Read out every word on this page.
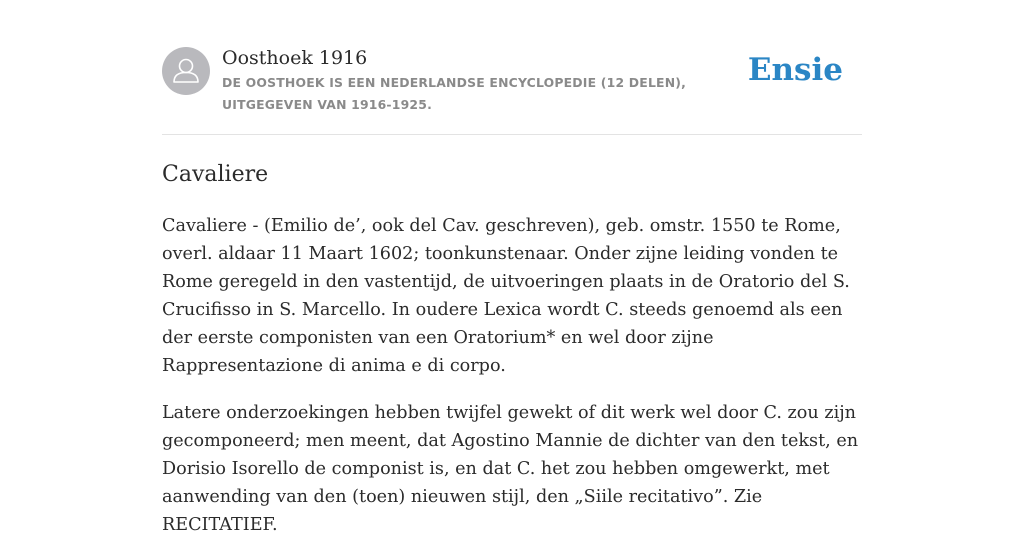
Oosthoek 1916
DE OOSTHOEK IS EEN NEDERLANDSE ENCYCLOPEDIE (12 DELEN), UITGEGEVEN VAN 1916-1925.
Ensie
Cavaliere

Cavaliere - (Emilio de’, ook del Cav. geschreven), geb. omstr. 1550 te Rome, overl. aldaar 11 Maart 1602; toonkunstenaar. Onder zijne leiding vonden te Rome geregeld in den vastentijd, de uitvoeringen plaats in de Oratorio del S. Crucifisso in S. Marcello. In oudere Lexica wordt C. steeds genoemd als een der eerste componisten van een Oratorium* en wel door zijne Rappresentazione di anima e di corpo.

Latere onderzoekingen hebben twijfel gewekt of dit werk wel door C. zou zijn gecomponeerd; men meent, dat Agostino Mannie de dichter van den tekst, en Dorisio Isorello de componist is, en dat C. het zou hebben omgewerkt, met aanwending van den (toen) nieuwen stijl, den „Siile recitativo”. Zie RECITATIEF.
